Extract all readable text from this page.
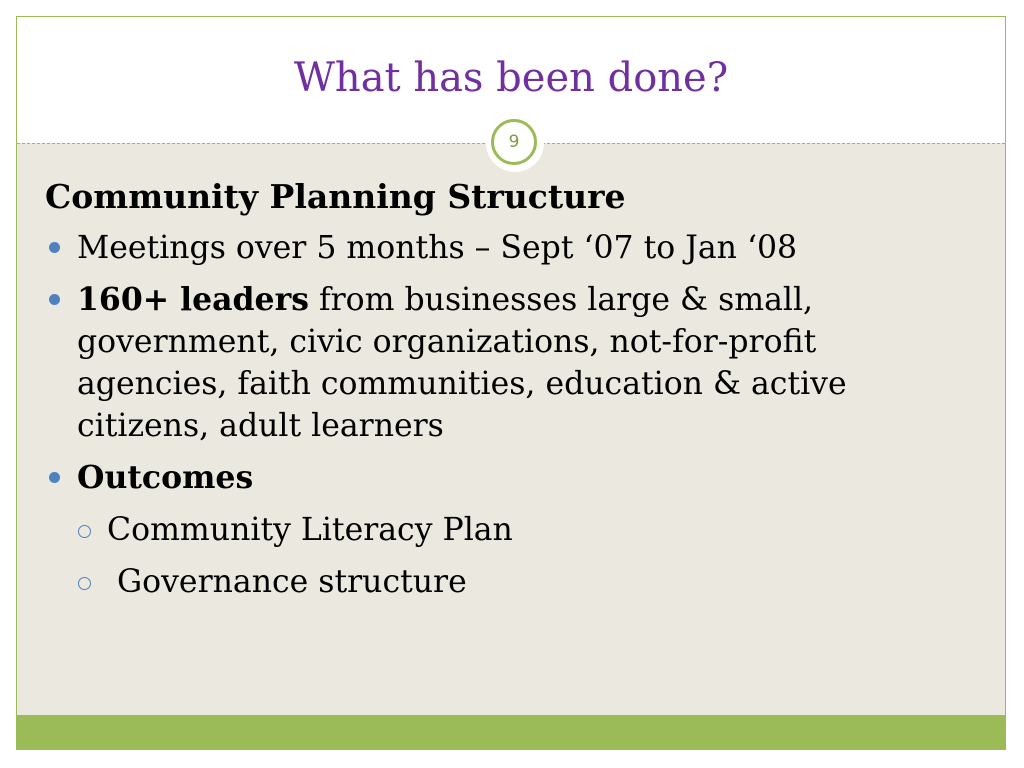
What has been done?
9
Community Planning Structure
Meetings over 5 months – Sept ‘07 to Jan ‘08
160+ leaders from businesses large & small, government, civic organizations, not-for-profit agencies, faith communities, education & active citizens, adult learners
Outcomes
Community Literacy Plan
Governance structure
